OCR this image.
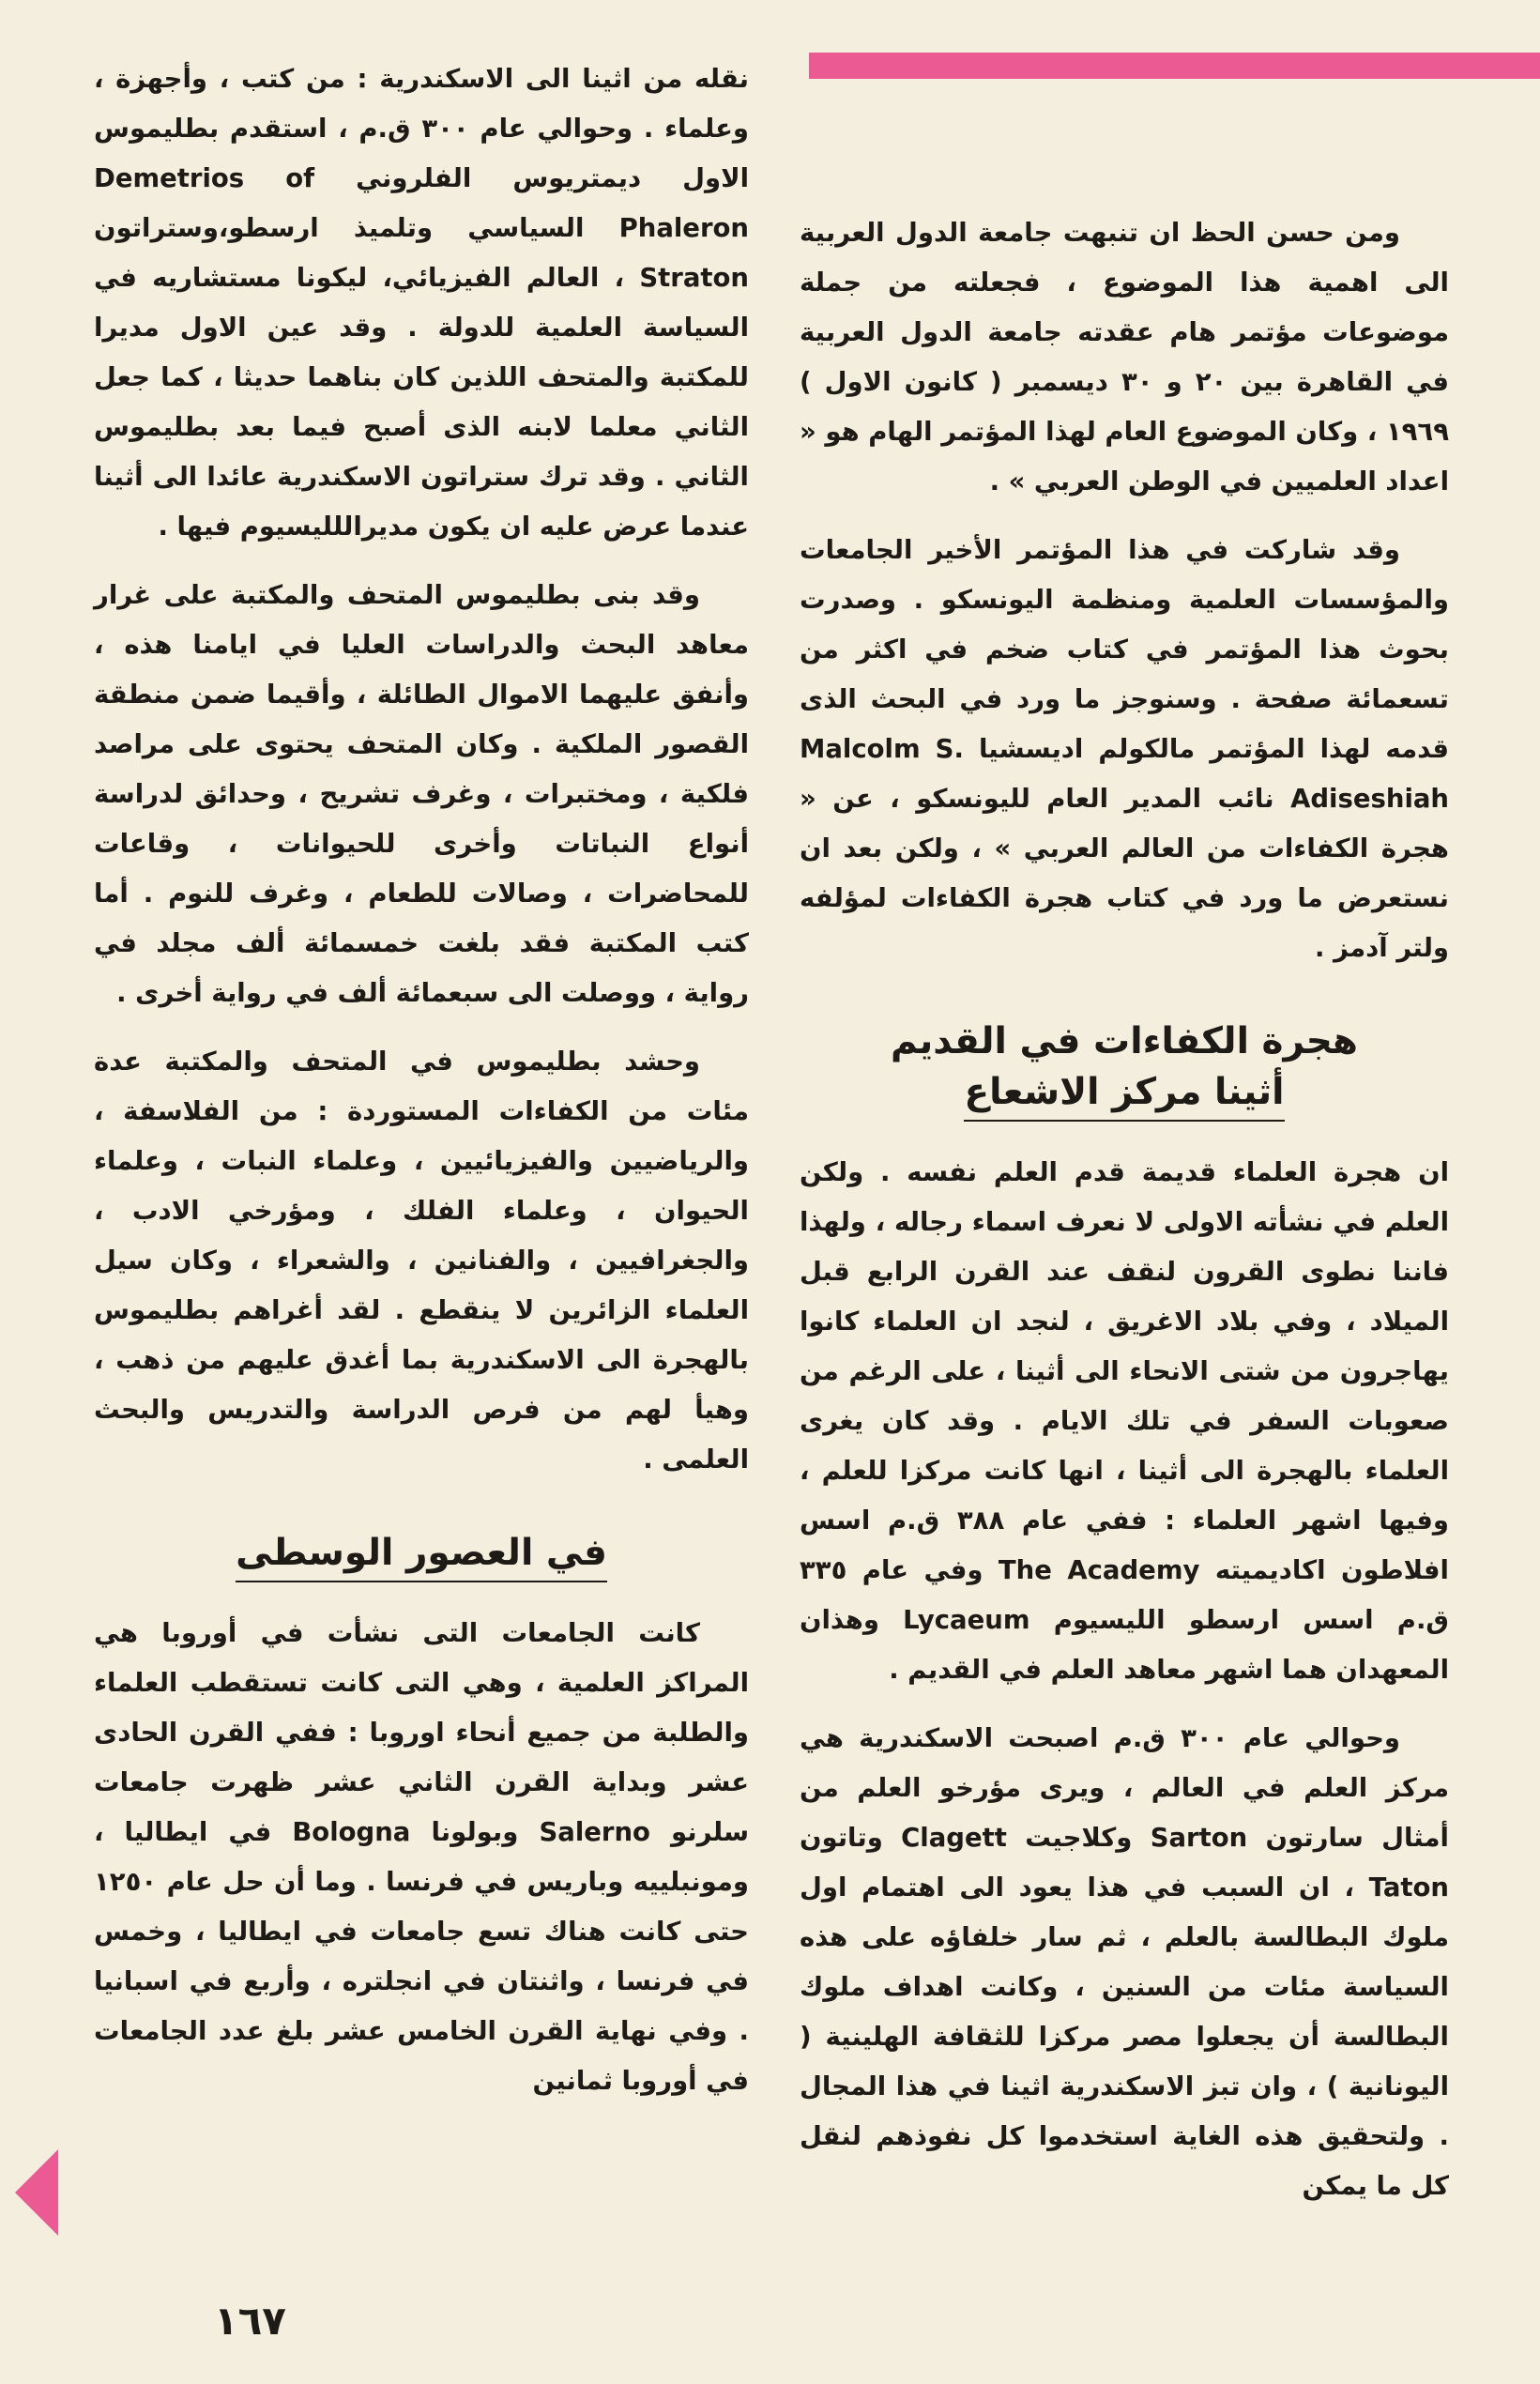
ومن حسن الحظ ان تنبهت جامعة الدول العربية الى اهمية هذا الموضوع ، فجعلته من جملة موضوعات مؤتمر هام عقدته جامعة الدول العربية في القاهرة بين ٢٠ و ٣٠ ديسمبر ( كانون الاول ) ١٩٦٩ ، وكان الموضوع العام لهذا المؤتمر الهام هو « اعداد العلميين في الوطن العربي » .

وقد شاركت في هذا المؤتمر الأخير الجامعات والمؤسسات العلمية ومنظمة اليونسكو . وصدرت بحوث هذا المؤتمر في كتاب ضخم في اكثر من تسعمائة صفحة . وسنوجز ما ورد في البحث الذى قدمه لهذا المؤتمر مالكولم اديسشيا Malcolm S. Adiseshiah نائب المدير العام لليونسكو ، عن « هجرة الكفاءات من العالم العربي » ، ولكن بعد ان نستعرض ما ورد في كتاب هجرة الكفاءات لمؤلفه ولتر آدمز .

هجرة الكفاءات في القديم
أثينا مركز الاشعاع

ان هجرة العلماء قديمة قدم العلم نفسه . ولكن العلم في نشأته الاولى لا نعرف اسماء رجاله ، ولهذا فاننا نطوى القرون لنقف عند القرن الرابع قبل الميلاد ، وفي بلاد الاغريق ، لنجد ان العلماء كانوا يهاجرون من شتى الانحاء الى أثينا ، على الرغم من صعوبات السفر في تلك الايام . وقد كان يغرى العلماء بالهجرة الى أثينا ، انها كانت مركزا للعلم ، وفيها اشهر العلماء : ففي عام ٣٨٨ ق.م اسس افلاطون اكاديميته The Academy وفي عام ٣٣٥ ق.م اسس ارسطو الليسيوم Lycaeum وهذان المعهدان هما اشهر معاهد العلم في القديم .

وحوالي عام ٣٠٠ ق.م اصبحت الاسكندرية هي مركز العلم في العالم ، ويرى مؤرخو العلم من أمثال سارتون Sarton وكلاجيت Clagett وتاتون Taton ، ان السبب في هذا يعود الى اهتمام اول ملوك البطالسة بالعلم ، ثم سار خلفاؤه على هذه السياسة مئات من السنين ، وكانت اهداف ملوك البطالسة أن يجعلوا مصر مركزا للثقافة الهلينية ( اليونانية ) ، وان تبز الاسكندرية اثينا في هذا المجال . ولتحقيق هذه الغاية استخدموا كل نفوذهم لنقل كل ما يمكن

نقله من اثينا الى الاسكندرية : من كتب ، وأجهزة ، وعلماء . وحوالي عام ٣٠٠ ق.م ، استقدم بطليموس الاول ديمتريوس الفلروني Demetrios of Phaleron السياسي وتلميذ ارسطو،وستراتون Straton ، العالم الفيزيائي، ليكونا مستشاريه في السياسة العلمية للدولة . وقد عين الاول مديرا للمكتبة والمتحف اللذين كان بناهما حديثا ، كما جعل الثاني معلما لابنه الذى أصبح فيما بعد بطليموس الثاني . وقد ترك ستراتون الاسكندرية عائدا الى أثينا عندما عرض عليه ان يكون مديراللليسيوم فيها .

وقد بنى بطليموس المتحف والمكتبة على غرار معاهد البحث والدراسات العليا في ايامنا هذه ، وأنفق عليهما الاموال الطائلة ، وأقيما ضمن منطقة القصور الملكية . وكان المتحف يحتوى على مراصد فلكية ، ومختبرات ، وغرف تشريح ، وحدائق لدراسة أنواع النباتات وأخرى للحيوانات ، وقاعات للمحاضرات ، وصالات للطعام ، وغرف للنوم . أما كتب المكتبة فقد بلغت خمسمائة ألف مجلد في رواية ، ووصلت الى سبعمائة ألف في رواية أخرى .

وحشد بطليموس في المتحف والمكتبة عدة مئات من الكفاءات المستوردة : من الفلاسفة ، والرياضيين والفيزيائيين ، وعلماء النبات ، وعلماء الحيوان ، وعلماء الفلك ، ومؤرخي الادب ، والجغرافيين ، والفنانين ، والشعراء ، وكان سيل العلماء الزائرين لا ينقطع . لقد أغراهم بطليموس بالهجرة الى الاسكندرية بما أغدق عليهم من ذهب ، وهيأ لهم من فرص الدراسة والتدريس والبحث العلمى .

في العصور الوسطى

كانت الجامعات التى نشأت في أوروبا هي المراكز العلمية ، وهي التى كانت تستقطب العلماء والطلبة من جميع أنحاء اوروبا : ففي القرن الحادى عشر وبداية القرن الثاني عشر ظهرت جامعات سلرنو Salerno وبولونا Bologna في ايطاليا ، ومونبلييه وباريس في فرنسا . وما أن حل عام ١٢٥٠ حتى كانت هناك تسع جامعات في ايطاليا ، وخمس في فرنسا ، واثنتان في انجلتره ، وأربع في اسبانيا . وفي نهاية القرن الخامس عشر بلغ عدد الجامعات في أوروبا ثمانين

١٦٧
